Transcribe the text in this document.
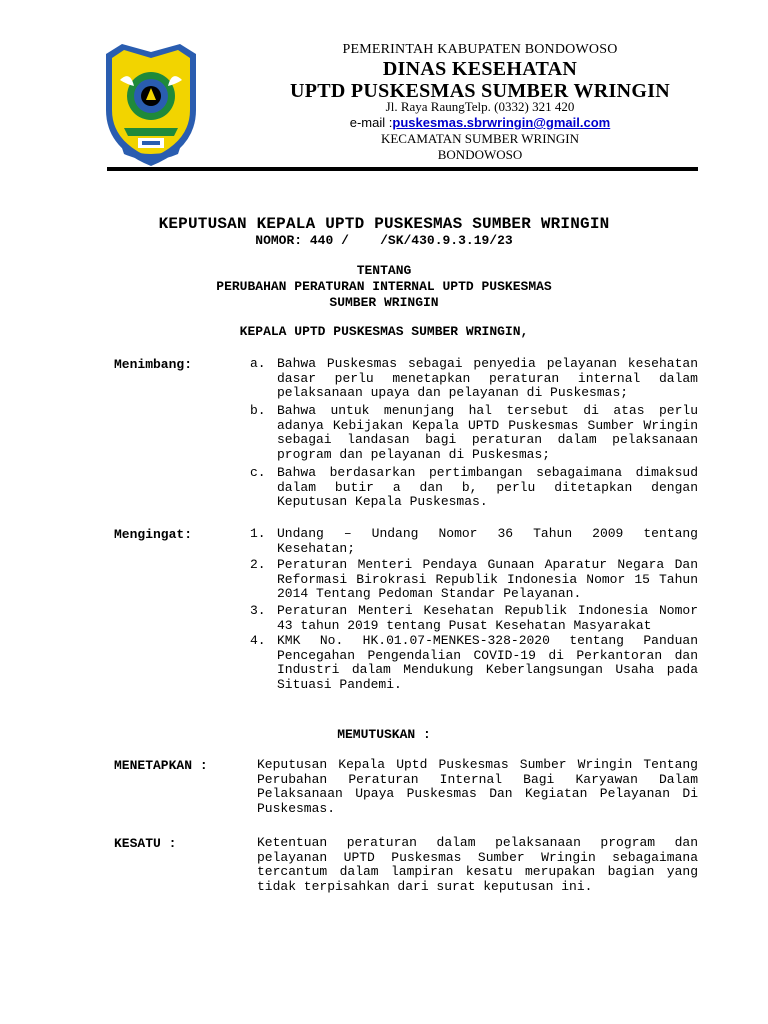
PEMERINTAH KABUPATEN BONDOWOSO
DINAS KESEHATAN
UPTD PUSKESMAS SUMBER WRINGIN
Jl. Raya RaungTelp. (0332) 321 420
e-mail :puskesmas.sbrwringin@gmail.com
KECAMATAN SUMBER WRINGIN
BONDOWOSO
KEPUTUSAN KEPALA UPTD PUSKESMAS SUMBER WRINGIN
NOMOR: 440 /    /SK/430.9.3.19/23
TENTANG
PERUBAHAN PERATURAN INTERNAL UPTD PUSKESMAS
SUMBER WRINGIN
KEPALA UPTD PUSKESMAS SUMBER WRINGIN,
Menimbang:	a. Bahwa Puskesmas sebagai penyedia pelayanan kesehatan dasar perlu menetapkan peraturan internal dalam pelaksanaan upaya dan pelayanan di Puskesmas;
b. Bahwa untuk menunjang hal tersebut di atas perlu adanya Kebijakan Kepala UPTD Puskesmas Sumber Wringin sebagai landasan bagi peraturan dalam pelaksanaan program dan pelayanan di Puskesmas;
c. Bahwa berdasarkan pertimbangan sebagaimana dimaksud dalam butir a dan b, perlu ditetapkan dengan Keputusan Kepala Puskesmas.
Mengingat:	1. Undang – Undang Nomor 36 Tahun 2009 tentang Kesehatan;
2. Peraturan Menteri Pendaya Gunaan Aparatur Negara Dan Reformasi Birokrasi Republik Indonesia Nomor 15 Tahun 2014 Tentang Pedoman Standar Pelayanan.
3. Peraturan Menteri Kesehatan Republik Indonesia Nomor 43 tahun 2019 tentang Pusat Kesehatan Masyarakat
4. KMK No. HK.01.07-MENKES-328-2020 tentang Panduan Pencegahan Pengendalian COVID-19 di Perkantoran dan Industri dalam Mendukung Keberlangsungan Usaha pada Situasi Pandemi.
MEMUTUSKAN :
MENETAPKAN :	Keputusan Kepala Uptd Puskesmas Sumber Wringin Tentang Perubahan Peraturan Internal Bagi Karyawan Dalam Pelaksanaan Upaya Puskesmas Dan Kegiatan Pelayanan Di Puskesmas.
KESATU :	Ketentuan peraturan dalam pelaksanaan program dan pelayanan UPTD Puskesmas Sumber Wringin sebagaimana tercantum dalam lampiran kesatu merupakan bagian yang tidak terpisahkan dari surat keputusan ini.
